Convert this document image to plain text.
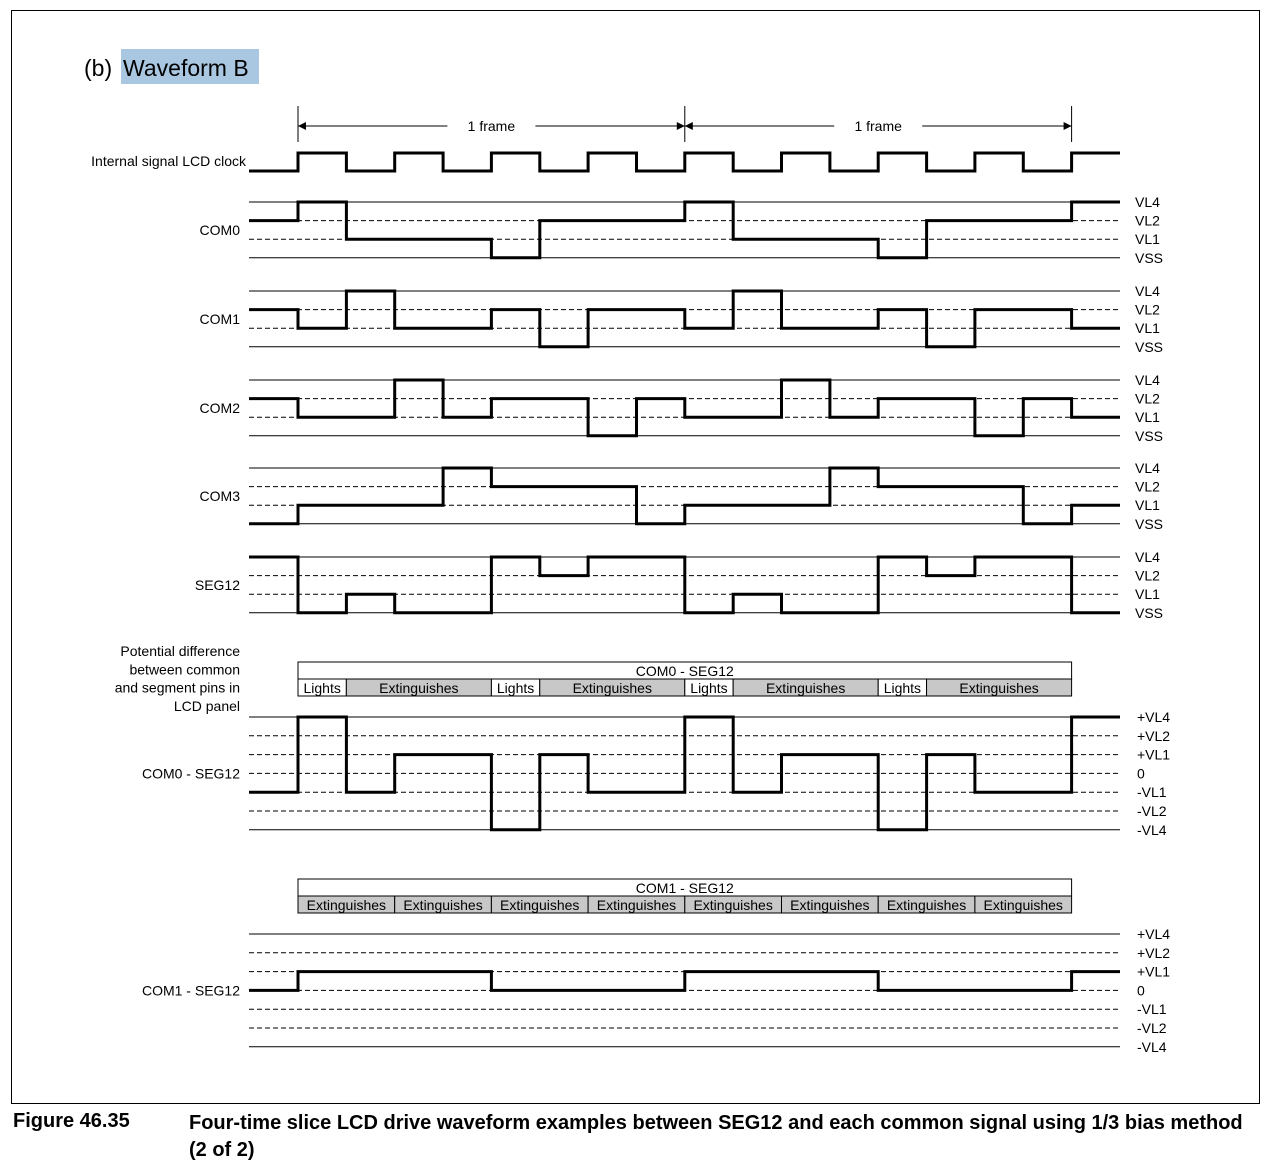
(b) Waveform B
1 frame	1 frame
Internal signal LCD clock
VL4
VL2
VL1
VSS
COM0
VL4
VL2
VL1
VSS
COM1
VL4
VL2
VL1
VSS
COM2
VL4
VL2
VL1
VSS
COM3
VL4
VL2
VL1
VSS
SEG12
Potential difference
between common
and segment pins in
LCD panel
COM0 - SEG12
Lights	Extinguishes	Lights	Extinguishes	Lights	Extinguishes	Lights	Extinguishes
+VL4
+VL2
+VL1
0
-VL1
-VL2
-VL4
COM0 - SEG12
COM1 - SEG12
Extinguishes Extinguishes Extinguishes Extinguishes Extinguishes Extinguishes Extinguishes Extinguishes
+VL4
+VL2
+VL1
0
-VL1
-VL2
-VL4
COM1 - SEG12
Figure 46.35	Four-time slice LCD drive waveform examples between SEG12 and each common signal using 1/3 bias method (2 of 2)
